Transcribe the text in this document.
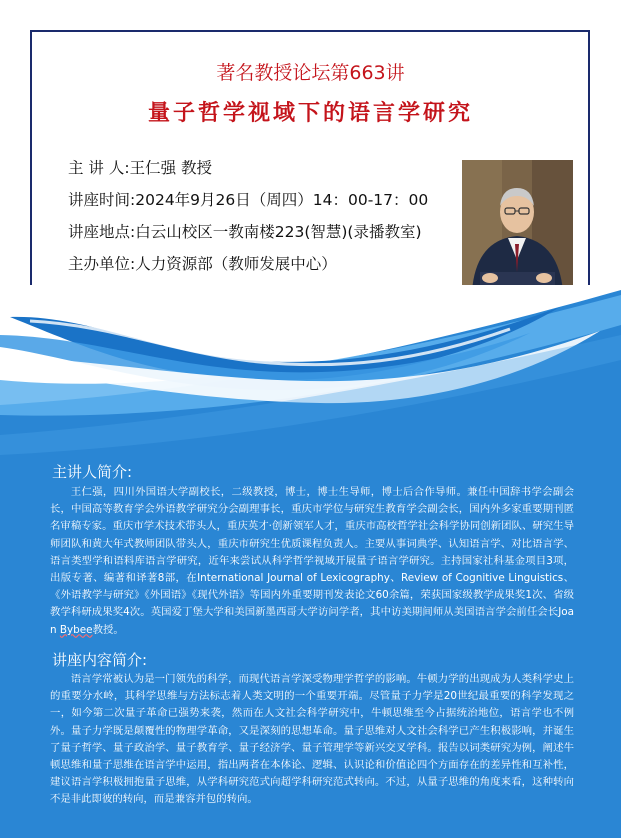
著名教授论坛第663讲
量子哲学视域下的语言学研究
主 讲 人:王仁强 教授
讲座时间:2024年9月26日（周四）14：00-17：00
讲座地点:白云山校区一教南楼223(智慧)(录播教室)
主办单位:人力资源部（教师发展中心）
主讲人简介:
王仁强，四川外国语大学副校长，二级教授，博士，博士生导师，博士后合作导师。兼任中国辞书学会副会长，中国高等教育学会外语教学研究分会副理事长，重庆市学位与研究生教育学会副会长，国内外多家重要期刊匿名审稿专家。重庆市学术技术带头人，重庆英才·创新领军人才，重庆市高校哲学社会科学协同创新团队、研究生导师团队和黄大年式教师团队带头人，重庆市研究生优质课程负责人。主要从事词典学、认知语言学、对比语言学、语言类型学和语料库语言学研究，近年来尝试从科学哲学视域开展量子语言学研究。主持国家社科基金项目3项，出版专著、编著和译著8部，在International Journal of Lexicography、Review of Cognitive Linguistics、《外语教学与研究》《外国语》《现代外语》等国内外重要期刊发表论文60余篇，荣获国家级教学成果奖1次、省级教学科研成果奖4次。英国爱丁堡大学和美国新墨西哥大学访问学者，其中访美期间师从美国语言学会前任会长Joan Bybee教授。
讲座内容简介:
语言学常被认为是一门领先的科学，而现代语言学深受物理学哲学的影响。牛顿力学的出现成为人类科学史上的重要分水岭，其科学思维与方法标志着人类文明的一个重要开端。尽管量子力学是20世纪最重要的科学发现之一，如今第二次量子革命已强势来袭，然而在人文社会科学研究中，牛顿思维至今占据统治地位，语言学也不例外。量子力学既是颠覆性的物理学革命，又是深刻的思想革命。量子思维对人文社会科学已产生积极影响，并诞生了量子哲学、量子政治学、量子教育学、量子经济学、量子管理学等新兴交叉学科。报告以词类研究为例，阐述牛顿思维和量子思维在语言学中运用，指出两者在本体论、逻辑、认识论和价值论四个方面存在的差异性和互补性，建议语言学积极拥抱量子思维，从学科研究范式向超学科研究范式转向。不过，从量子思维的角度来看，这种转向不是非此即彼的转向，而是兼容并包的转向。
